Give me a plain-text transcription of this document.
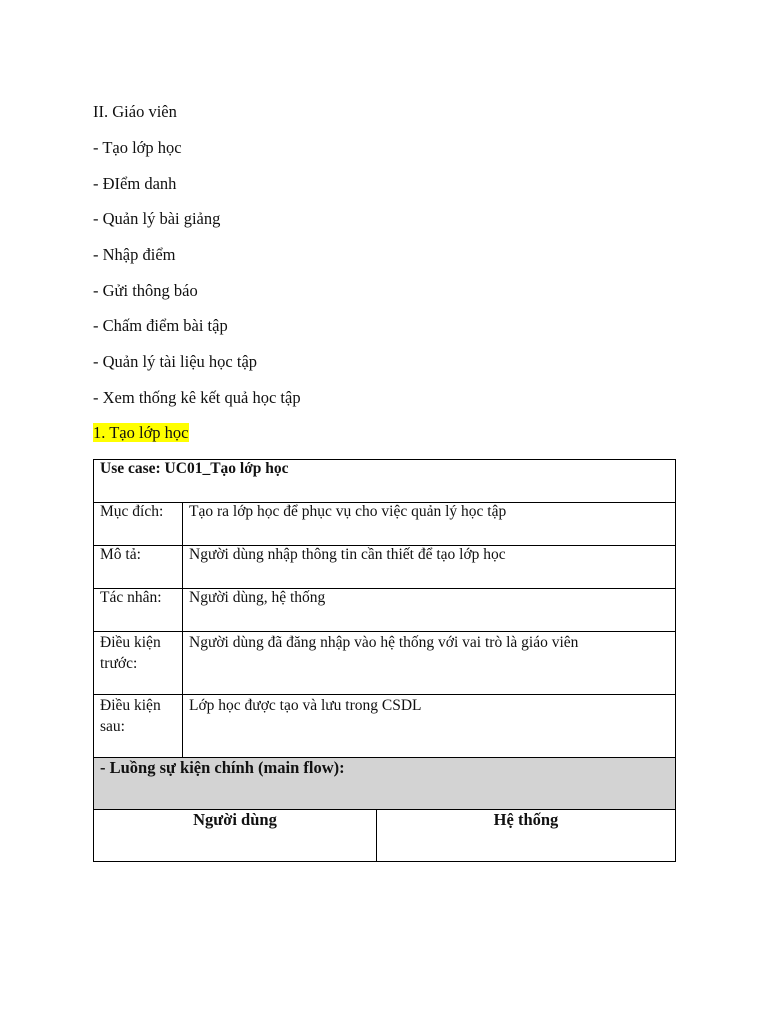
II. Giáo viên
- Tạo lớp học
- ĐIểm danh
- Quản lý bài giảng
- Nhập điểm
- Gửi thông báo
- Chấm điểm bài tập
- Quản lý tài liệu học tập
- Xem thống kê kết quả học tập
1. Tạo lớp học
Use case: UC01_Tạo lớp học		
Mục đích:	Tạo ra lớp học để phục vụ cho việc quản lý học tập	
Mô tả:	Người dùng nhập thông tin cần thiết để tạo lớp học	
Tác nhân:	Người dùng, hệ thống	
Điều kiện trước:	Người dùng đã đăng nhập vào hệ thống với vai trò là giáo viên	
Điều kiện sau:	Lớp học được tạo và lưu trong CSDL	
- Luồng sự kiện chính (main flow):		
Người dùng		Hệ thống
